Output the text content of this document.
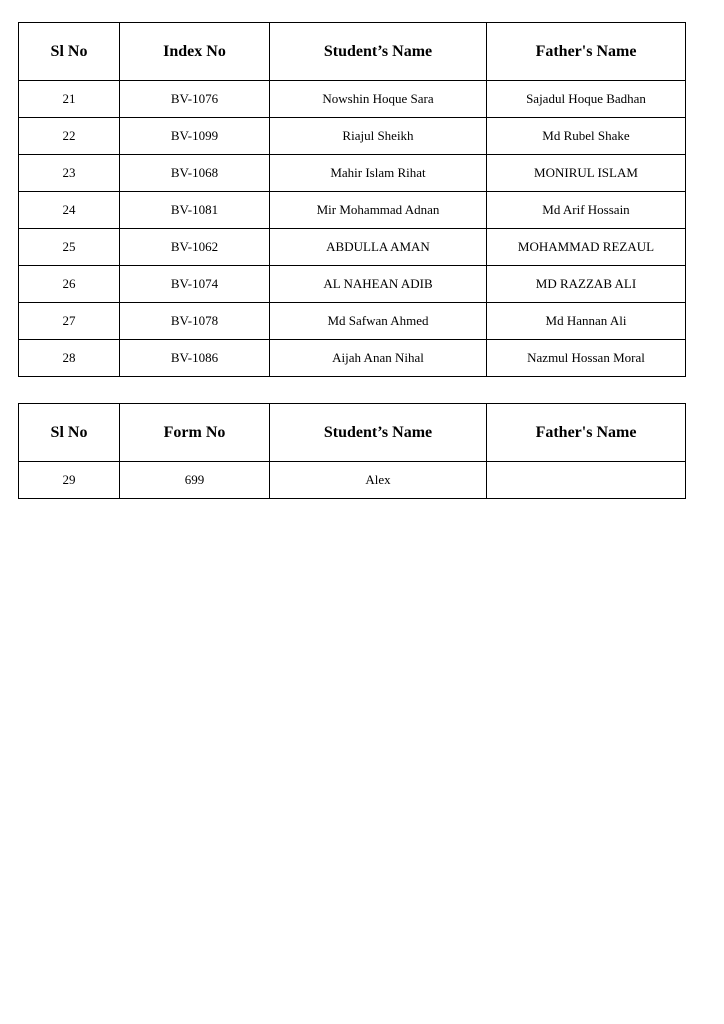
Sl No	Index No	Student’s Name	Father's Name
21	BV-1076	Nowshin Hoque Sara	Sajadul Hoque Badhan
22	BV-1099	Riajul Sheikh	Md Rubel Shake
23	BV-1068	Mahir Islam Rihat	MONIRUL ISLAM
24	BV-1081	Mir Mohammad Adnan	Md Arif Hossain
25	BV-1062	ABDULLA AMAN	MOHAMMAD REZAUL
26	BV-1074	AL NAHEAN ADIB	MD RAZZAB ALI
27	BV-1078	Md Safwan Ahmed	Md Hannan Ali
28	BV-1086	Aijah Anan Nihal	Nazmul Hossan Moral
Sl No	Form No	Student’s Name	Father's Name
29	699	Alex	
